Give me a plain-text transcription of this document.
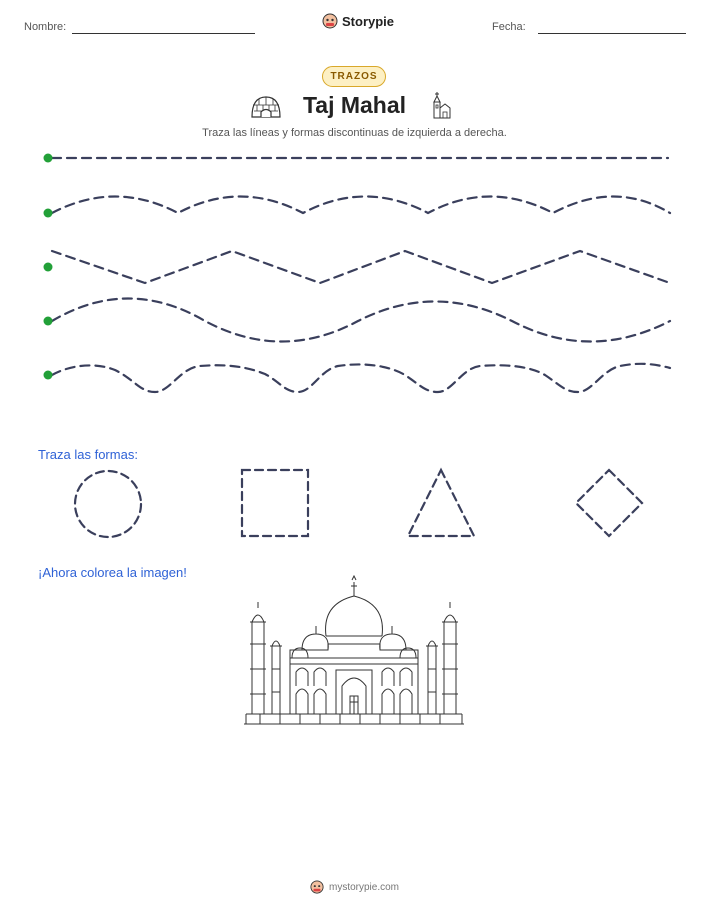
Nombre:	Storypie	Fecha:
TRAZOS
Taj Mahal
Traza las líneas y formas discontinuas de izquierda a derecha.
Traza las formas:
¡Ahora colorea la imagen!
mystorypie.com
